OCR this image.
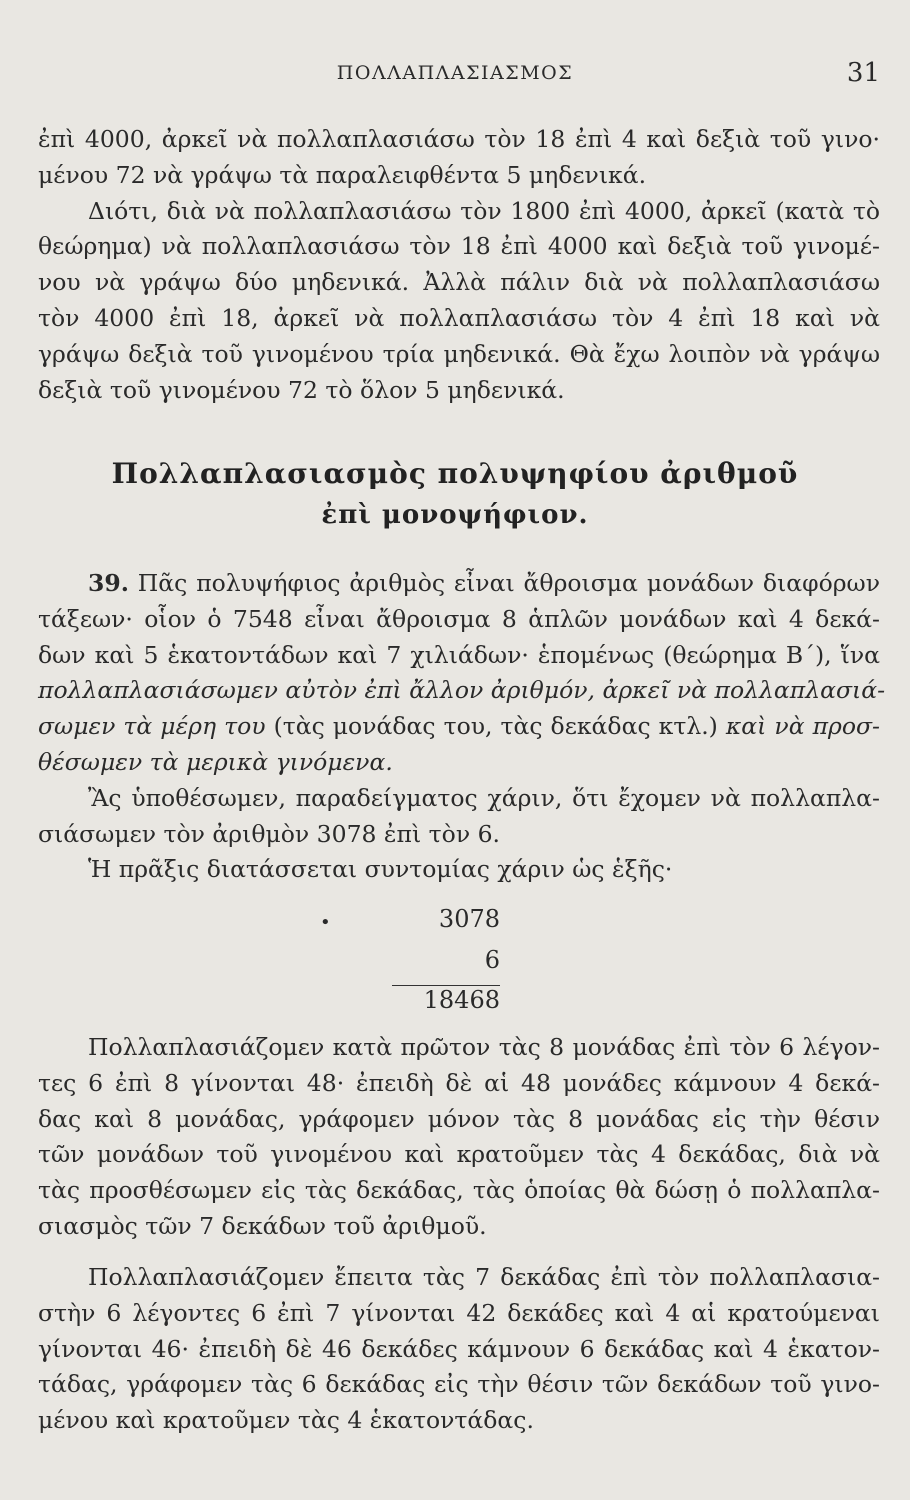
ΠΟΛΛΑΠΛΑΣΙΑΣΜΟΣ	31
ἐπὶ 4000, ἀρκεῖ νὰ πολλαπλασιάσω τὸν 18 ἐπὶ 4 καὶ δεξιὰ τοῦ γινο·
μένου 72 νὰ γράψω τὰ παραλειφθέντα 5 μηδενικά.
Διότι, διὰ νὰ πολλαπλασιάσω τὸν 1800 ἐπὶ 4000, ἀρκεῖ (κατὰ τὸ
θεώρημα) νὰ πολλαπλασιάσω τὸν 18 ἐπὶ 4000 καὶ δεξιὰ τοῦ γινομέ-
νου νὰ γράψω δύο μηδενικά. Ἀλλὰ πάλιν διὰ νὰ πολλαπλασιάσω
τὸν 4000 ἐπὶ 18, ἀρκεῖ νὰ πολλαπλασιάσω τὸν 4 ἐπὶ 18 καὶ νὰ
γράψω δεξιὰ τοῦ γινομένου τρία μηδενικά. Θὰ ἔχω λοιπὸν νὰ γράψω
δεξιὰ τοῦ γινομένου 72 τὸ ὅλον 5 μηδενικά.
Πολλαπλασιασμὸς πολυψηφίου ἀριθμοῦ
ἐπὶ μονοψήφιον.
39. Πᾶς πολυψήφιος ἀριθμὸς εἶναι ἄθροισμα μονάδων διαφόρων
τάξεων· οἷον ὁ 7548 εἶναι ἄθροισμα 8 ἁπλῶν μονάδων καὶ 4 δεκά-
δων καὶ 5 ἑκατοντάδων καὶ 7 χιλιάδων· ἑπομένως (θεώρημα Β΄), ἵνα
πολλαπλασιάσωμεν αὐτὸν ἐπὶ ἄλλον ἀριθμόν, ἀρκεῖ νὰ πολλαπλασιά-
σωμεν τὰ μέρη του (τὰς μονάδας του, τὰς δεκάδας κτλ.) καὶ νὰ προσ-
θέσωμεν τὰ μερικὰ γινόμενα.
Ἂς ὑποθέσωμεν, παραδείγματος χάριν, ὅτι ἔχομεν νὰ πολλαπλα-
σιάσωμεν τὸν ἀριθμὸν 3078 ἐπὶ τὸν 6.
Ἡ πρᾶξις διατάσσεται συντομίας χάριν ὡς ἑξῆς·
•	3078
6
18468
Πολλαπλασιάζομεν κατὰ πρῶτον τὰς 8 μονάδας ἐπὶ τὸν 6 λέγον-
τες 6 ἐπὶ 8 γίνονται 48· ἐπειδὴ δὲ αἱ 48 μονάδες κάμνουν 4 δεκά-
δας καὶ 8 μονάδας, γράφομεν μόνον τὰς 8 μονάδας εἰς τὴν θέσιν
τῶν μονάδων τοῦ γινομένου καὶ κρατοῦμεν τὰς 4 δεκάδας, διὰ νὰ
τὰς προσθέσωμεν εἰς τὰς δεκάδας, τὰς ὁποίας θὰ δώσῃ ὁ πολλαπλα-
σιασμὸς τῶν 7 δεκάδων τοῦ ἀριθμοῦ.
Πολλαπλασιάζομεν ἔπειτα τὰς 7 δεκάδας ἐπὶ τὸν πολλαπλασια-
στὴν 6 λέγοντες 6 ἐπὶ 7 γίνονται 42 δεκάδες καὶ 4 αἱ κρατούμεναι
γίνονται 46· ἐπειδὴ δὲ 46 δεκάδες κάμνουν 6 δεκάδας καὶ 4 ἑκατον-
τάδας, γράφομεν τὰς 6 δεκάδας εἰς τὴν θέσιν τῶν δεκάδων τοῦ γινο-
μένου καὶ κρατοῦμεν τὰς 4 ἑκατοντάδας.
